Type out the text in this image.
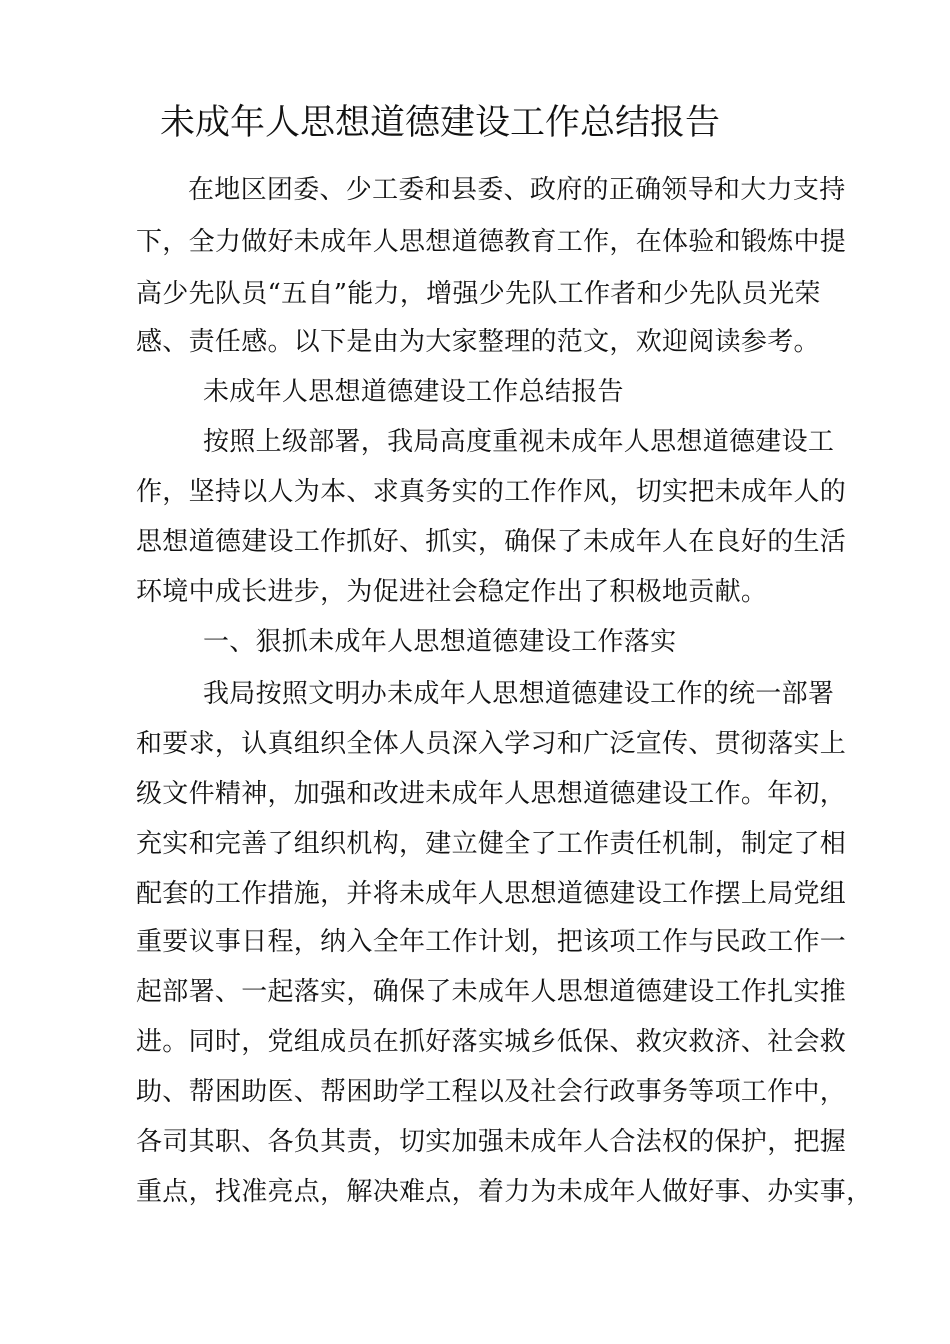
未成年人思想道德建设工作总结报告
在地区团委、少工委和县委、政府的正确领导和大力支持
下，全力做好未成年人思想道德教育工作，在体验和锻炼中提
高少先队员“五自”能力，增强少先队工作者和少先队员光荣
感、责任感。以下是由为大家整理的范文，欢迎阅读参考。
未成年人思想道德建设工作总结报告
按照上级部署，我局高度重视未成年人思想道德建设工
作，坚持以人为本、求真务实的工作作风，切实把未成年人的
思想道德建设工作抓好、抓实，确保了未成年人在良好的生活
环境中成长进步，为促进社会稳定作出了积极地贡献。
一、狠抓未成年人思想道德建设工作落实
我局按照文明办未成年人思想道德建设工作的统一部署
和要求，认真组织全体人员深入学习和广泛宣传、贯彻落实上
级文件精神，加强和改进未成年人思想道德建设工作。年初，
充实和完善了组织机构，建立健全了工作责任机制，制定了相
配套的工作措施，并将未成年人思想道德建设工作摆上局党组
重要议事日程，纳入全年工作计划，把该项工作与民政工作一
起部署、一起落实，确保了未成年人思想道德建设工作扎实推
进。同时，党组成员在抓好落实城乡低保、救灾救济、社会救
助、帮困助医、帮困助学工程以及社会行政事务等项工作中，
各司其职、各负其责，切实加强未成年人合法权的保护，把握
重点，找准亮点，解决难点，着力为未成年人做好事、办实事，
